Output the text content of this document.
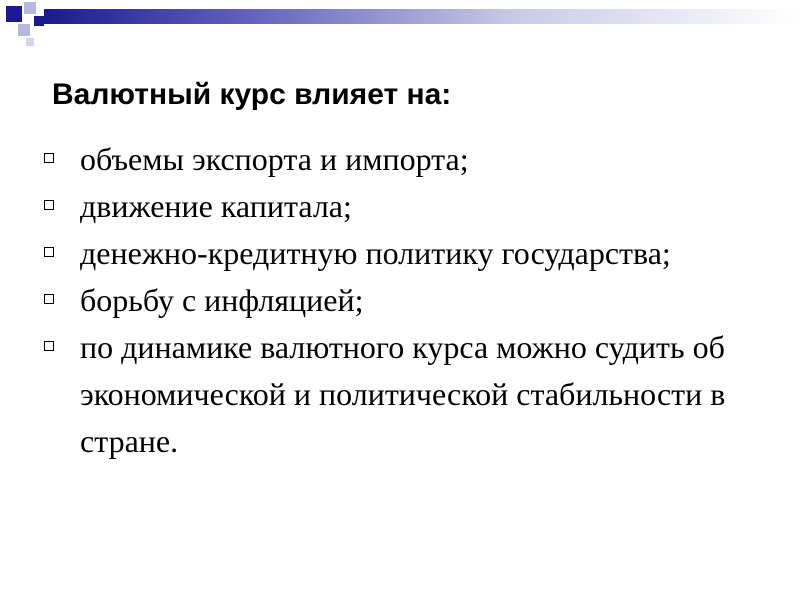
Валютный курс влияет на:
объемы экспорта и импорта;
движение капитала;
денежно-кредитную политику государства;
борьбу с инфляцией;
по динамике валютного курса можно судить об экономической и политической стабильности в стране.
